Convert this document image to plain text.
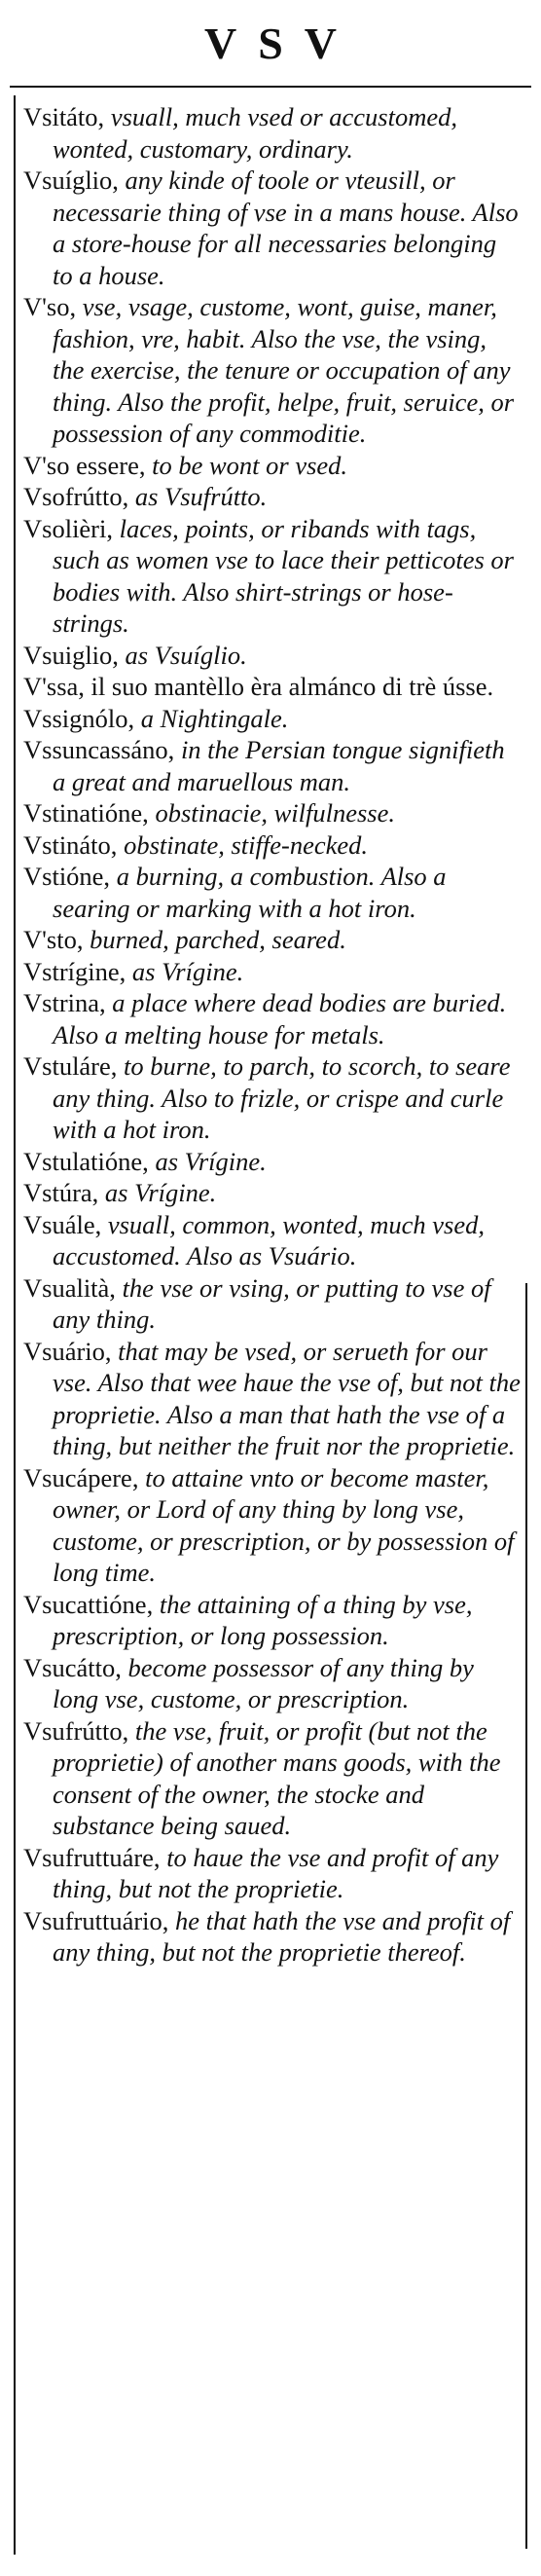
VSV

Vsitáto, vsuall, much vsed or accustomed, wonted, customary, ordinary.

Vsuíglio, any kinde of toole or vteusill, or necessarie thing of vse in a mans house. Also a store-house for all necessaries belonging to a house.

V'so, vse, vsage, custome, wont, guise, maner, fashion, vre, habit. Also the vse, the vsing, the exercise, the tenure or occupation of any thing. Also the profit, helpe, fruit, seruice, or possession of any commoditie.

V'so essere, to be wont or vsed.

Vsofrútto, as Vsufrútto.

Vsolièri, laces, points, or ribands with tags, such as women vse to lace their petticotes or bodies with. Also shirt-strings or hose-strings.

Vsuiglio, as Vsuíglio.

V'ssa, il suo mantèllo èra almánco di trè ússe.

Vssignólo, a Nightingale.

Vssuncassáno, in the Persian tongue signifieth a great and maruellous man.

Vstinatióne, obstinacie, wilfulnesse.

Vstináto, obstinate, stiffe-necked.

Vstióne, a burning, a combustion. Also a searing or marking with a hot iron.

V'sto, burned, parched, seared.

Vstrígine, as Vrígine.

Vstrina, a place where dead bodies are buried. Also a melting house for metals.

Vstuláre, to burne, to parch, to scorch, to seare any thing. Also to frizle, or crispe and curle with a hot iron.

Vstulatióne, as Vrígine.

Vstúra, as Vrígine.

Vsuále, vsuall, common, wonted, much vsed, accustomed. Also as Vsuário.

Vsualità, the vse or vsing, or putting to vse of any thing.

Vsuário, that may be vsed, or serueth for our vse. Also that wee haue the vse of, but not the proprietie. Also a man that hath the vse of a thing, but neither the fruit nor the proprietie.

Vsucápere, to attaine vnto or become master, owner, or Lord of any thing by long vse, custome, or prescription, or by possession of long time.

Vsucattióne, the attaining of a thing by vse, prescription, or long possession.

Vsucátto, become possessor of any thing by long vse, custome, or prescription.

Vsufrútto, the vse, fruit, or profit (but not the proprietie) of another mans goods, with the consent of the owner, the stocke and substance being saued.

Vsufruttuáre, to haue the vse and profit of any thing, but not the proprietie.

Vsufruttuário, he that hath the vse and profit of any thing, but not the proprietie thereof.
